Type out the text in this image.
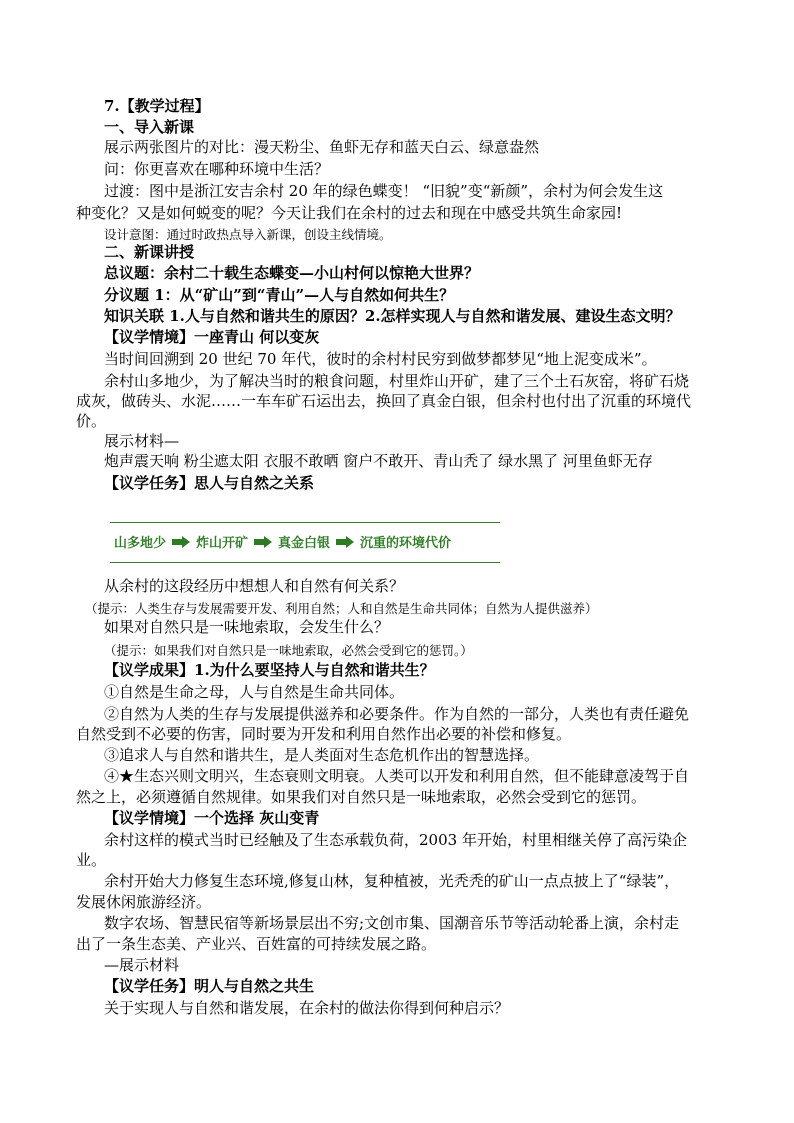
7.【教学过程】
一、导入新课
展示两张图片的对比：漫天粉尘、鱼虾无存和蓝天白云、绿意盎然
问：你更喜欢在哪种环境中生活？
过渡：图中是浙江安吉余村 20 年的绿色蝶变！ “旧貌”变“新颜”，余村为何会发生这
种变化？又是如何蜕变的呢？今天让我们在余村的过去和现在中感受共筑生命家园!
设计意图：通过时政热点导入新课，创设主线情境。
二、新课讲授
总议题：余村二十载生态蝶变—小山村何以惊艳大世界？
分议题 1：从“矿山”到“青山”—人与自然如何共生？
知识关联 1.人与自然和谐共生的原因？2.怎样实现人与自然和谐发展、建设生态文明？
【议学情境】一座青山 何以变灰
当时间回溯到 20 世纪 70 年代，彼时的余村村民穷到做梦都梦见“地上泥变成米”。
余村山多地少，为了解决当时的粮食问题，村里炸山开矿，建了三个土石灰窑，将矿石烧
成灰，做砖头、水泥……一车车矿石运出去，换回了真金白银，但余村也付出了沉重的环境代
价。
展示材料—
炮声震天响 粉尘遮太阳 衣服不敢晒 窗户不敢开、青山秃了 绿水黑了 河里鱼虾无存
【议学任务】思人与自然之关系
山多地少 炸山开矿 真金白银 沉重的环境代价
从余村的这段经历中想想人和自然有何关系？
（提示：人类生存与发展需要开发、利用自然；人和自然是生命共同体；自然为人提供滋养）
如果对自然只是一味地索取，会发生什么？
（提示：如果我们对自然只是一味地索取，必然会受到它的惩罚。）
【议学成果】1.为什么要坚持人与自然和谐共生？
①自然是生命之母，人与自然是生命共同体。
②自然为人类的生存与发展提供滋养和必要条件。作为自然的一部分，人类也有责任避免
自然受到不必要的伤害，同时要为开发和利用自然作出必要的补偿和修复。
③追求人与自然和谐共生，是人类面对生态危机作出的智慧选择。
④★生态兴则文明兴，生态衰则文明衰。人类可以开发和利用自然，但不能肆意凌驾于自
然之上，必须遵循自然规律。如果我们对自然只是一味地索取，必然会受到它的惩罚。
【议学情境】一个选择 灰山变青
余村这样的模式当时已经触及了生态承载负荷，2003 年开始，村里相继关停了高污染企
业。
余村开始大力修复生态环境,修复山林，复种植被，光秃秃的矿山一点点披上了“绿装”，
发展休闲旅游经济。
数字农场、智慧民宿等新场景层出不穷;文创市集、国潮音乐节等活动轮番上演，余村走
出了一条生态美、产业兴、百姓富的可持续发展之路。
—展示材料
【议学任务】明人与自然之共生
关于实现人与自然和谐发展，在余村的做法你得到何种启示？
